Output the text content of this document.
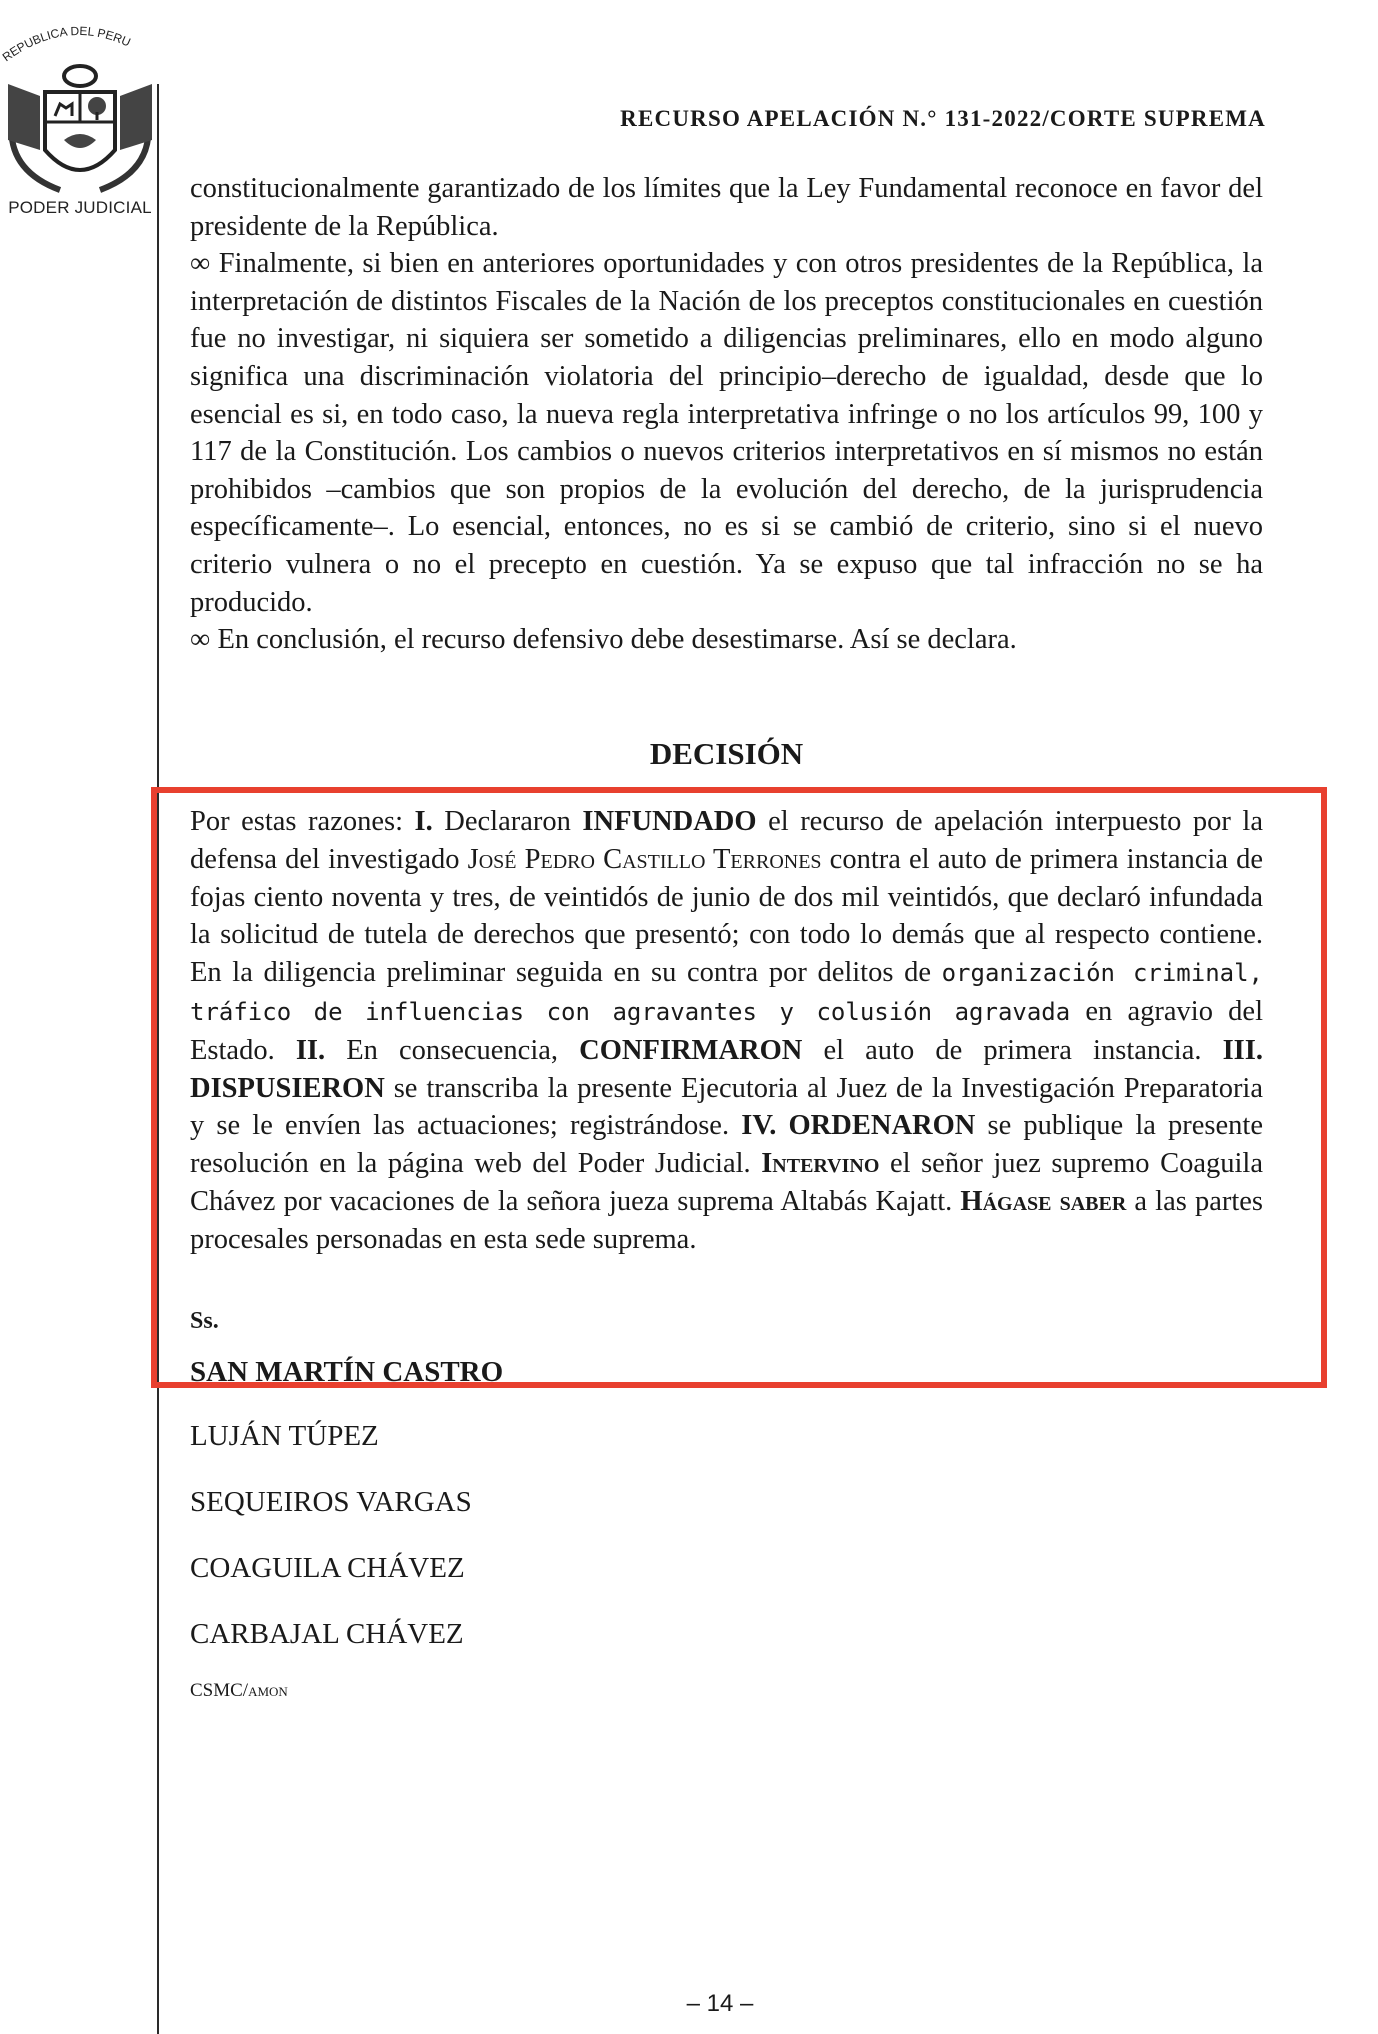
REPUBLICA DEL PERU
PODER JUDICIAL
RECURSO APELACIÓN N.° 131-2022/CORTE SUPREMA

constitucionalmente garantizado de los límites que la Ley Fundamental reconoce en favor del presidente de la República.

∞ Finalmente, si bien en anteriores oportunidades y con otros presidentes de la República, la interpretación de distintos Fiscales de la Nación de los preceptos constitucionales en cuestión fue no investigar, ni siquiera ser sometido a diligencias preliminares, ello en modo alguno significa una discriminación violatoria del principio–derecho de igualdad, desde que lo esencial es si, en todo caso, la nueva regla interpretativa infringe o no los artículos 99, 100 y 117 de la Constitución. Los cambios o nuevos criterios interpretativos en sí mismos no están prohibidos –cambios que son propios de la evolución del derecho, de la jurisprudencia específicamente–. Lo esencial, entonces, no es si se cambió de criterio, sino si el nuevo criterio vulnera o no el precepto en cuestión. Ya se expuso que tal infracción no se ha producido.

∞ En conclusión, el recurso defensivo debe desestimarse. Así se declara.

DECISIÓN

Por estas razones: I. Declararon INFUNDADO el recurso de apelación interpuesto por la defensa del investigado José Pedro Castillo Terrones contra el auto de primera instancia de fojas ciento noventa y tres, de veintidós de junio de dos mil veintidós, que declaró infundada la solicitud de tutela de derechos que presentó; con todo lo demás que al respecto contiene. En la diligencia preliminar seguida en su contra por delitos de organización criminal, tráfico de influencias con agravantes y colusión agravada en agravio del Estado. II. En consecuencia, CONFIRMARON el auto de primera instancia. III. DISPUSIERON se transcriba la presente Ejecutoria al Juez de la Investigación Preparatoria y se le envíen las actuaciones; registrándose. IV. ORDENARON se publique la presente resolución en la página web del Poder Judicial. Intervino el señor juez supremo Coaguila Chávez por vacaciones de la señora jueza suprema Altabás Kajatt. Hágase saber a las partes procesales personadas en esta sede suprema.

Ss.
SAN MARTÍN CASTRO
LUJÁN TÚPEZ
SEQUEIROS VARGAS
COAGUILA CHÁVEZ
CARBAJAL CHÁVEZ
CSMC/amon
– 14 –
